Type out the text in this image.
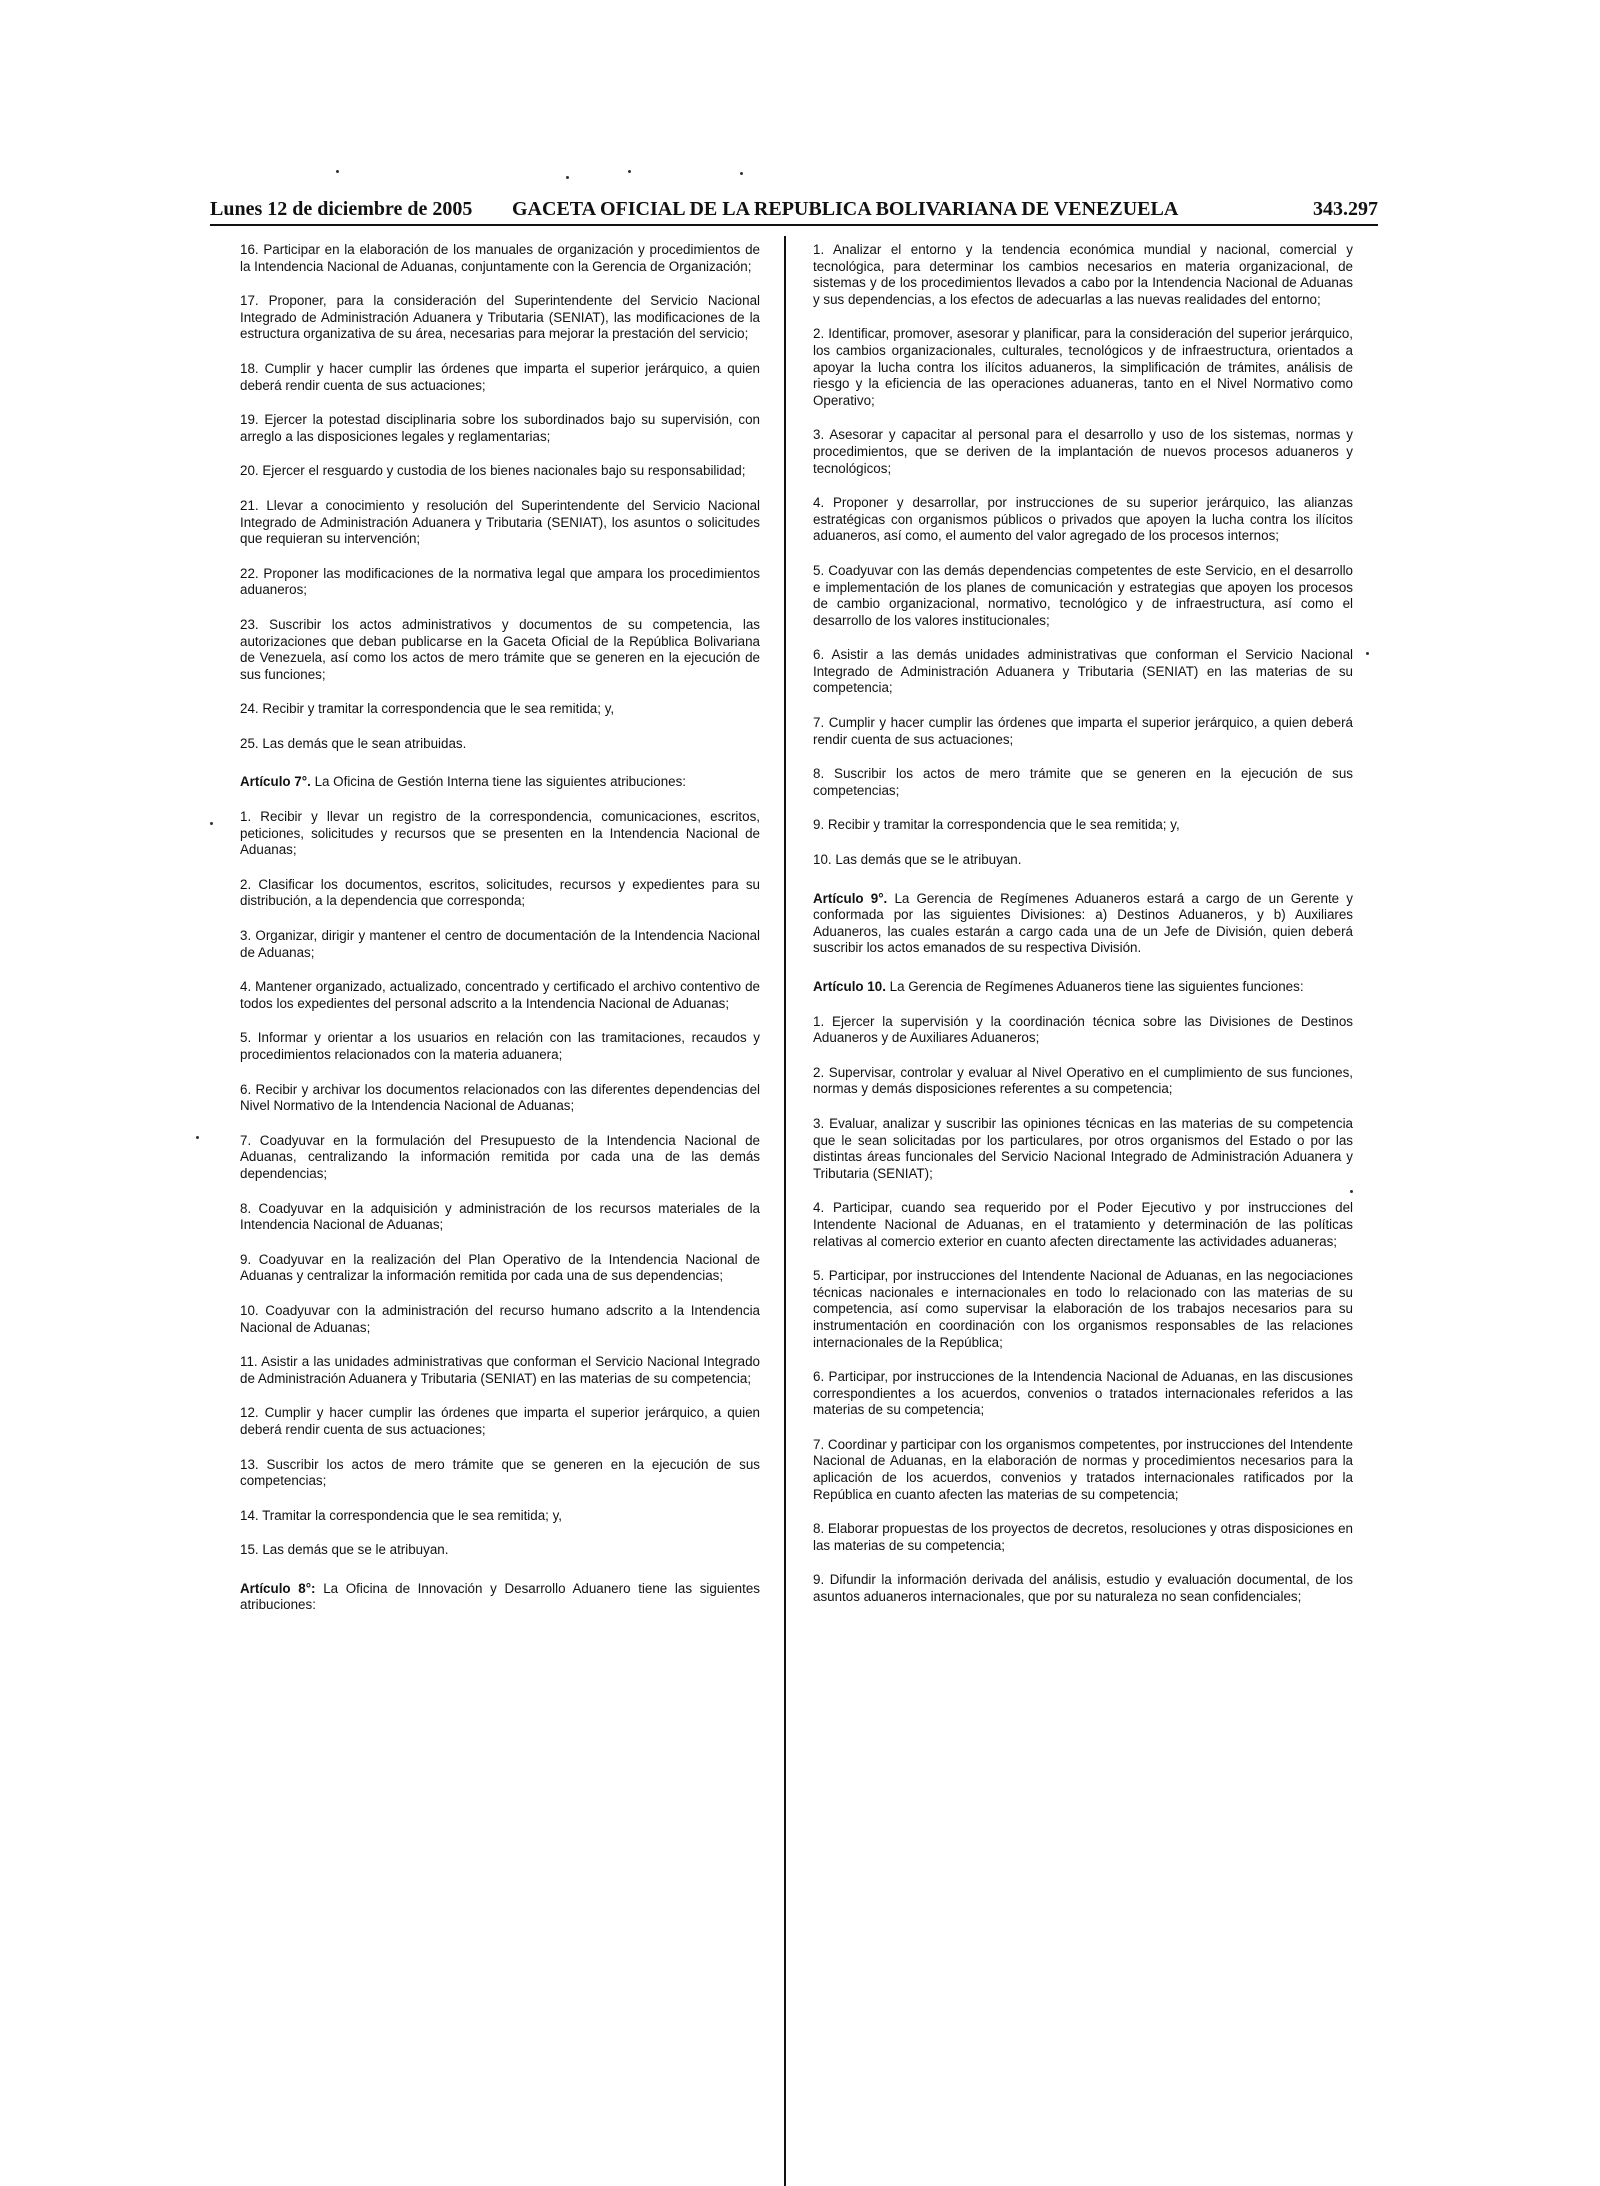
Lunes 12 de diciembre de 2005 GACETA OFICIAL DE LA REPUBLICA BOLIVARIANA DE VENEZUELA	343.297

16. Participar en la elaboración de los manuales de organización y procedimientos de la Intendencia Nacional de Aduanas, conjuntamente con la Gerencia de Organización;

17. Proponer, para la consideración del Superintendente del Servicio Nacional Integrado de Administración Aduanera y Tributaria (SENIAT), las modificaciones de la estructura organizativa de su área, necesarias para mejorar la prestación del servicio;

18. Cumplir y hacer cumplir las órdenes que imparta el superior jerárquico, a quien deberá rendir cuenta de sus actuaciones;

19. Ejercer la potestad disciplinaria sobre los subordinados bajo su supervisión, con arreglo a las disposiciones legales y reglamentarias;

20. Ejercer el resguardo y custodia de los bienes nacionales bajo su responsabilidad;

21. Llevar a conocimiento y resolución del Superintendente del Servicio Nacional Integrado de Administración Aduanera y Tributaria (SENIAT), los asuntos o solicitudes que requieran su intervención;

22. Proponer las modificaciones de la normativa legal que ampara los procedimientos aduaneros;

23. Suscribir los actos administrativos y documentos de su competencia, las autorizaciones que deban publicarse en la Gaceta Oficial de la República Bolivariana de Venezuela, así como los actos de mero trámite que se generen en la ejecución de sus funciones;

24. Recibir y tramitar la correspondencia que le sea remitida; y,

25. Las demás que le sean atribuidas.

Artículo 7°. La Oficina de Gestión Interna tiene las siguientes atribuciones:

1. Recibir y llevar un registro de la correspondencia, comunicaciones, escritos, peticiones, solicitudes y recursos que se presenten en la Intendencia Nacional de Aduanas;

2. Clasificar los documentos, escritos, solicitudes, recursos y expedientes para su distribución, a la dependencia que corresponda;

3. Organizar, dirigir y mantener el centro de documentación de la Intendencia Nacional de Aduanas;

4. Mantener organizado, actualizado, concentrado y certificado el archivo contentivo de todos los expedientes del personal adscrito a la Intendencia Nacional de Aduanas;

5. Informar y orientar a los usuarios en relación con las tramitaciones, recaudos y procedimientos relacionados con la materia aduanera;

6. Recibir y archivar los documentos relacionados con las diferentes dependencias del Nivel Normativo de la Intendencia Nacional de Aduanas;

7. Coadyuvar en la formulación del Presupuesto de la Intendencia Nacional de Aduanas, centralizando la información remitida por cada una de las demás dependencias;

8. Coadyuvar en la adquisición y administración de los recursos materiales de la Intendencia Nacional de Aduanas;

9. Coadyuvar en la realización del Plan Operativo de la Intendencia Nacional de Aduanas y centralizar la información remitida por cada una de sus dependencias;

10. Coadyuvar con la administración del recurso humano adscrito a la Intendencia Nacional de Aduanas;

11. Asistir a las unidades administrativas que conforman el Servicio Nacional Integrado de Administración Aduanera y Tributaria (SENIAT) en las materias de su competencia;

12. Cumplir y hacer cumplir las órdenes que imparta el superior jerárquico, a quien deberá rendir cuenta de sus actuaciones;

13. Suscribir los actos de mero trámite que se generen en la ejecución de sus competencias;

14. Tramitar la correspondencia que le sea remitida; y,

15. Las demás que se le atribuyan.

Artículo 8°: La Oficina de Innovación y Desarrollo Aduanero tiene las siguientes atribuciones:

1. Analizar el entorno y la tendencia económica mundial y nacional, comercial y tecnológica, para determinar los cambios necesarios en materia organizacional, de sistemas y de los procedimientos llevados a cabo por la Intendencia Nacional de Aduanas y sus dependencias, a los efectos de adecuarlas a las nuevas realidades del entorno;

2. Identificar, promover, asesorar y planificar, para la consideración del superior jerárquico, los cambios organizacionales, culturales, tecnológicos y de infraestructura, orientados a apoyar la lucha contra los ilícitos aduaneros, la simplificación de trámites, análisis de riesgo y la eficiencia de las operaciones aduaneras, tanto en el Nivel Normativo como Operativo;

3. Asesorar y capacitar al personal para el desarrollo y uso de los sistemas, normas y procedimientos, que se deriven de la implantación de nuevos procesos aduaneros y tecnológicos;

4. Proponer y desarrollar, por instrucciones de su superior jerárquico, las alianzas estratégicas con organismos públicos o privados que apoyen la lucha contra los ilícitos aduaneros, así como, el aumento del valor agregado de los procesos internos;

5. Coadyuvar con las demás dependencias competentes de este Servicio, en el desarrollo e implementación de los planes de comunicación y estrategias que apoyen los procesos de cambio organizacional, normativo, tecnológico y de infraestructura, así como el desarrollo de los valores institucionales;

6. Asistir a las demás unidades administrativas que conforman el Servicio Nacional Integrado de Administración Aduanera y Tributaria (SENIAT) en las materias de su competencia;

7. Cumplir y hacer cumplir las órdenes que imparta el superior jerárquico, a quien deberá rendir cuenta de sus actuaciones;

8. Suscribir los actos de mero trámite que se generen en la ejecución de sus competencias;

9. Recibir y tramitar la correspondencia que le sea remitida; y,

10. Las demás que se le atribuyan.

Artículo 9°. La Gerencia de Regímenes Aduaneros estará a cargo de un Gerente y conformada por las siguientes Divisiones: a) Destinos Aduaneros, y b) Auxiliares Aduaneros, las cuales estarán a cargo cada una de un Jefe de División, quien deberá suscribir los actos emanados de su respectiva División.

Artículo 10. La Gerencia de Regímenes Aduaneros tiene las siguientes funciones:

1. Ejercer la supervisión y la coordinación técnica sobre las Divisiones de Destinos Aduaneros y de Auxiliares Aduaneros;

2. Supervisar, controlar y evaluar al Nivel Operativo en el cumplimiento de sus funciones, normas y demás disposiciones referentes a su competencia;

3. Evaluar, analizar y suscribir las opiniones técnicas en las materias de su competencia que le sean solicitadas por los particulares, por otros organismos del Estado o por las distintas áreas funcionales del Servicio Nacional Integrado de Administración Aduanera y Tributaria (SENIAT);

4. Participar, cuando sea requerido por el Poder Ejecutivo y por instrucciones del Intendente Nacional de Aduanas, en el tratamiento y determinación de las políticas relativas al comercio exterior en cuanto afecten directamente las actividades aduaneras;

5. Participar, por instrucciones del Intendente Nacional de Aduanas, en las negociaciones técnicas nacionales e internacionales en todo lo relacionado con las materias de su competencia, así como supervisar la elaboración de los trabajos necesarios para su instrumentación en coordinación con los organismos responsables de las relaciones internacionales de la República;

6. Participar, por instrucciones de la Intendencia Nacional de Aduanas, en las discusiones correspondientes a los acuerdos, convenios o tratados internacionales referidos a las materias de su competencia;

7. Coordinar y participar con los organismos competentes, por instrucciones del Intendente Nacional de Aduanas, en la elaboración de normas y procedimientos necesarios para la aplicación de los acuerdos, convenios y tratados internacionales ratificados por la República en cuanto afecten las materias de su competencia;

8. Elaborar propuestas de los proyectos de decretos, resoluciones y otras disposiciones en las materias de su competencia;

9. Difundir la información derivada del análisis, estudio y evaluación documental, de los asuntos aduaneros internacionales, que por su naturaleza no sean confidenciales;
